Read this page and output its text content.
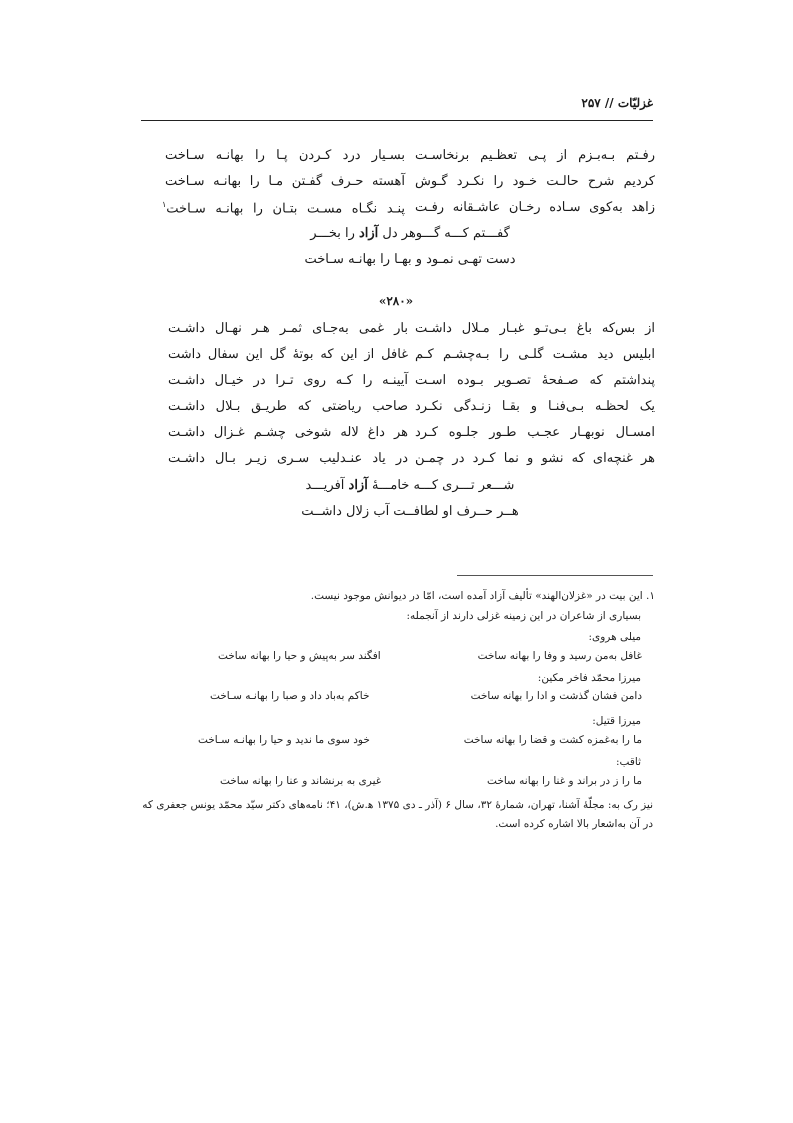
غزلیّات // ۲۵۷
رفـتم بـه‌بـزم از پـی تعظـیم برنخاسـت
بسـیار درد کـردن پـا را بهانـه سـاخت
کردیم شرح حالـت خـود را نکـرد گـوش
آهسته حـرف گفـتن مـا را بهانـه سـاخت
زاهد به‌کوی سـاده رخـان عاشـقانه رفـت
پنـد نگـاه مسـت بتـان را بهانـه سـاخت$^۱$
گفـــتم کـــه گـــوهر دل آزاد را بخـــر
دست تهـی نمـود و بهـا را بهانـه سـاخت
«۲۸۰»
از بس‌که باغ بـی‌تـو غبـار مـلال داشـت
بار غمی به‌جـای ثمـر هـر نهـال داشـت
ابلیس دید مشـت گلـی را بـه‌چشـم کـم
غافل از این که بوتهٔ گل این سفال داشت
پنداشتم که صـفحهٔ تصـویر بـوده اسـت
آیینـه را کـه روی تـرا در خیـال داشـت
یک لحظـه بـی‌فنـا و بقـا زنـدگی نکـرد
صاحب ریاضتی که طریـق بـلال داشـت
امسـال نوبهـار عجـب طـور جلـوه کـرد
هر داغ لاله شوخی چشـم غـزال داشـت
هر غنچه‌ای که نشو و نما کـرد در چمـن
در یاد عنـدلیب سـری زیـر بـال داشـت
شـــعر تـــری کـــه خامـــهٔ آزاد آفریـــد
هــر حــرف او لطافــت آب زلال داشــت
۱. این بیت در «غزلان‌الهند» تألیف آزاد آمده است، امّا در دیوانش موجود نیست.
بسیاری از شاعران در این زمینه غزلی دارند از آنجمله:
میلی هروی:
غافل به‌من رسید و وفا را بهانه ساخت
افگند سر به‌پیش و حیا را بهانه ساخت
میرزا محمّد فاخر مکین:
دامن فشان گذشت و ادا را بهانه ساخت
خاکم به‌باد داد و صبا را بهانـه سـاخت
میرزا قتیل:
ما را به‌غمزه کشت و قضا را بهانه ساخت
خود سوی ما ندید و حیا را بهانـه سـاخت
ثاقب:
ما را ز در براند و غنا را بهانه ساخت
غیری به برنشاند و عنا را بهانه ساخت
نیز رک به: مجلّهٔ آشنا، تهران، شمارهٔ ۳۲، سال ۶ (آذر ـ دی ۱۳۷۵ ه‍.ش)، ۴۱؛ نامه‌های دکتر سیّد محمّد یونس جعفری که در آن به‌اشعار بالا اشاره کرده است.
